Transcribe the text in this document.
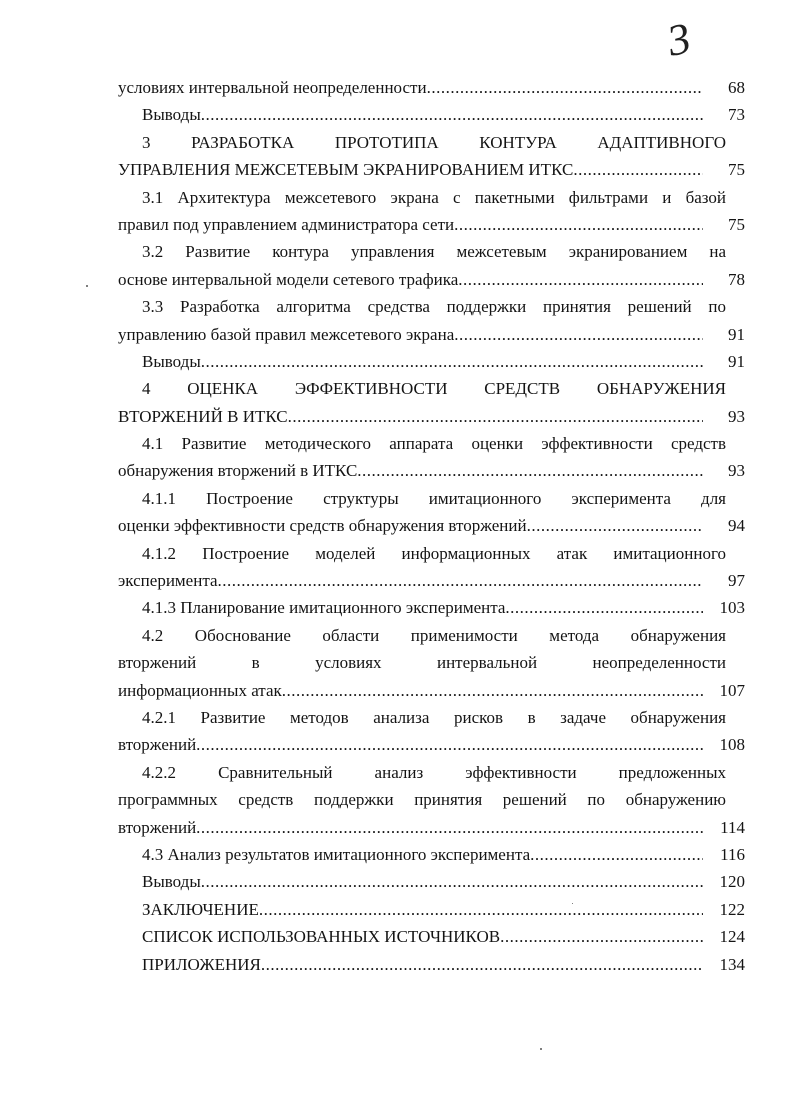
3
условиях интервальной неопределенности .....	68
Выводы .....	73
3 РАЗРАБОТКА ПРОТОТИПА КОНТУРА АДАПТИВНОГО
УПРАВЛЕНИЯ МЕЖСЕТЕВЫМ ЭКРАНИРОВАНИЕМ ИТКС .....	75
3.1 Архитектура межсетевого экрана с пакетными фильтрами и базой
правил под управлением администратора сети .....	75
3.2 Развитие контура управления межсетевым экранированием на
основе интервальной модели сетевого трафика .....	78
3.3 Разработка алгоритма средства поддержки принятия решений по
управлению базой правил межсетевого экрана .....	91
Выводы .....	91
4 ОЦЕНКА ЭФФЕКТИВНОСТИ СРЕДСТВ ОБНАРУЖЕНИЯ
ВТОРЖЕНИЙ В ИТКС .....	93
4.1 Развитие методического аппарата оценки эффективности средств
обнаружения вторжений в ИТКС .....	93
4.1.1 Построение структуры имитационного эксперимента для
оценки эффективности средств обнаружения вторжений .....	94
4.1.2 Построение моделей информационных атак имитационного
эксперимента .....	97
4.1.3 Планирование имитационного эксперимента .....	103
4.2 Обоснование области применимости метода обнаружения
вторжений в условиях интервальной неопределенности
информационных атак .....	107
4.2.1 Развитие методов анализа рисков в задаче обнаружения
вторжений .....	108
4.2.2 Сравнительный анализ эффективности предложенных
программных средств поддержки принятия решений по обнаружению
вторжений .....	114
4.3 Анализ результатов имитационного эксперимента .....	116
Выводы .....	120
ЗАКЛЮЧЕНИЕ .....	122
СПИСОК ИСПОЛЬЗОВАННЫХ ИСТОЧНИКОВ .....	124
ПРИЛОЖЕНИЯ .....	134
